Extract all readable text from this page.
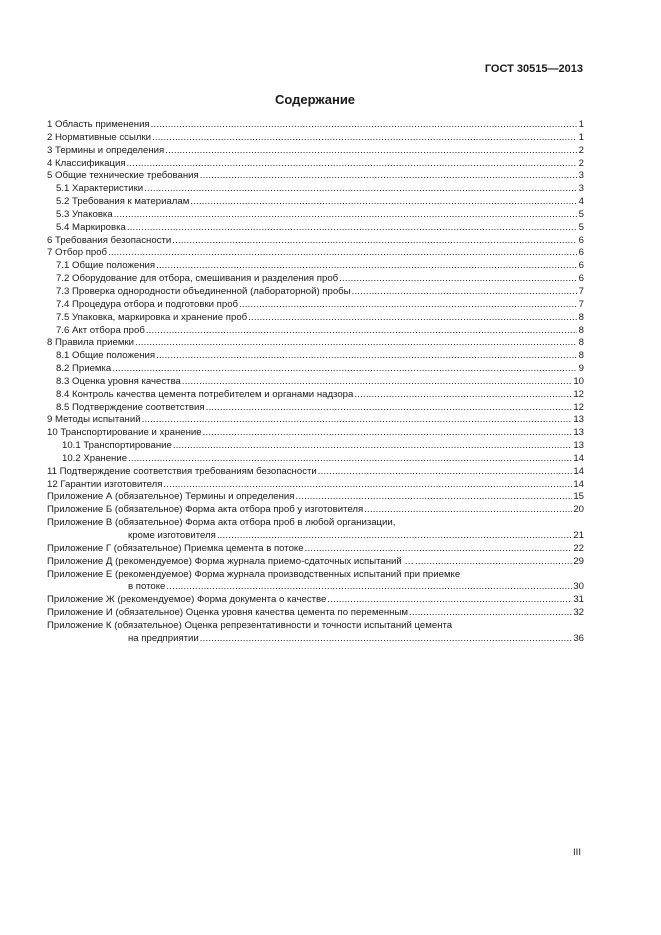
ГОСТ 30515—2013
Содержание
1 Область применения .....	1
2 Нормативные ссылки .....	1
3 Термины и определения .....	2
4 Классификация .....	2
5 Общие технические требования .....	3
5.1 Характеристики .....	3
5.2 Требования к материалам .....	4
5.3 Упаковка .....	5
5.4 Маркировка .....	5
6 Требования безопасности .....	6
7 Отбор проб .....	6
7.1 Общие положения .....	6
7.2 Оборудование для отбора, смешивания и разделения проб .....	6
7.3 Проверка однородности объединенной (лабораторной) пробы .....	7
7.4 Процедура отбора и подготовки проб .....	7
7.5 Упаковка, маркировка и хранение проб .....	8
7.6 Акт отбора проб .....	8
8 Правила приемки .....	8
8.1 Общие положения .....	8
8.2 Приемка .....	9
8.3 Оценка уровня качества .....	10
8.4 Контроль качества цемента потребителем и органами надзора .....	12
8.5 Подтверждение соответствия .....	12
9 Методы испытаний .....	13
10 Транспортирование и хранение .....	13
10.1 Транспортирование .....	13
10.2 Хранение .....	14
11 Подтверждение соответствия требованиям безопасности .....	14
12 Гарантии изготовителя .....	14
Приложение А (обязательное) Термины и определения .....	15
Приложение Б (обязательное) Форма акта отбора проб у изготовителя .....	20
Приложение В (обязательное) Форма акта отбора проб в любой организации,
кроме изготовителя .....	21
Приложение Г (обязательное) Приемка цемента в потоке .....	22
Приложение Д (рекомендуемое) Форма журнала приемо-сдаточных испытаний … .....	29
Приложение Е (рекомендуемое) Форма журнала производственных испытаний при приемке
в потоке .....	30
Приложение Ж (рекомендуемое) Форма документа о качестве .....	31
Приложение И (обязательное) Оценка уровня качества цемента по переменным .....	32
Приложение К (обязательное) Оценка репрезентативности и точности испытаний цемента
на предприятии .....	36
III
